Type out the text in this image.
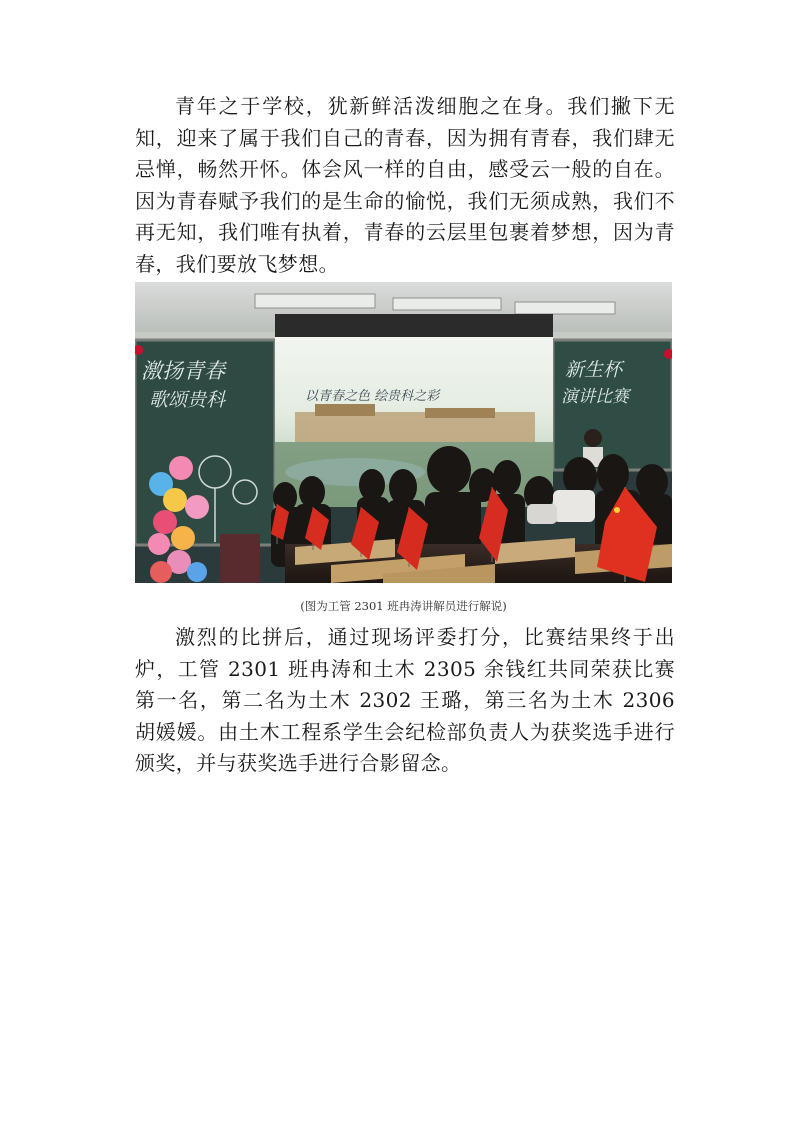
青年之于学校，犹新鲜活泼细胞之在身。我们撇下无知，迎来了属于我们自己的青春，因为拥有青春，我们肆无忌惮，畅然开怀。体会风一样的自由，感受云一般的自在。因为青春赋予我们的是生命的愉悦，我们无须成熟，我们不再无知，我们唯有执着，青春的云层里包裹着梦想，因为青春，我们要放飞梦想。

激扬青春
歌颂贵科
新生杯
演讲比赛
以青春之色 绘贵科之彩
(图为工管 2301 班冉涛讲解员进行解说)

激烈的比拼后，通过现场评委打分，比赛结果终于出炉，工管 2301 班冉涛和土木 2305 余钱红共同荣获比赛第一名，第二名为土木 2302 王璐，第三名为土木 2306 胡媛媛。由土木工程系学生会纪检部负责人为获奖选手进行颁奖，并与获奖选手进行合影留念。
